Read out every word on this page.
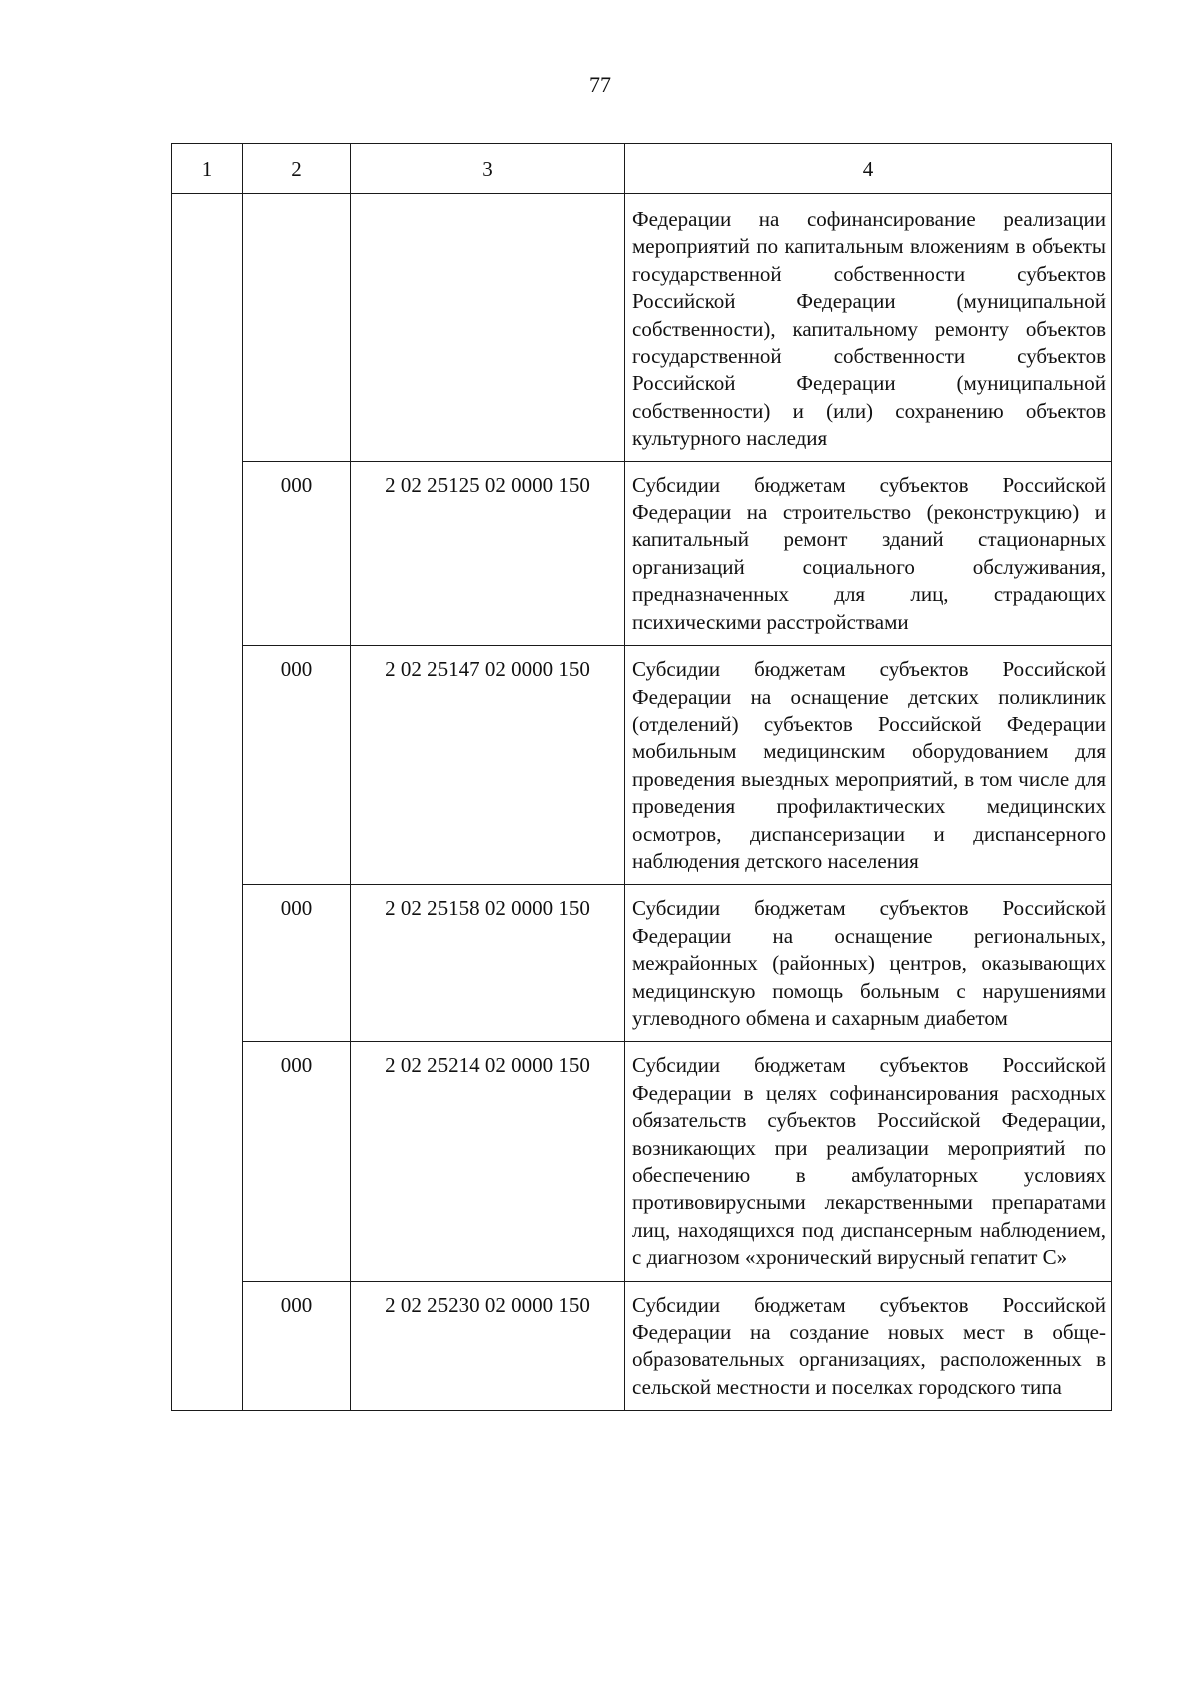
77
1	2	3	4

			Федерации на софинансирование реализации мероприятий по капитальным вложениям в объекты государственной собственности субъектов Российской Федерации (муниципальной собственности), капитальному ремонту объектов государственной собственности субъектов Российской Федерации (муниципальной собственности) и (или) сохранению объектов культурного наследия

	000	2 02 25125 02 0000 150	Субсидии бюджетам субъектов Российской Федерации на строительство (реконструкцию) и капитальный ремонт зданий стационарных организаций социального обслуживания, предназначенных для лиц, страдающих психическими расстройствами

	000	2 02 25147 02 0000 150	Субсидии бюджетам субъектов Российской Федерации на оснащение детских поликлиник (отделений) субъектов Российской Федерации мобильным медицинским оборудованием для проведения выездных мероприятий, в том числе для проведения профилактических медицинских осмотров, диспансеризации и диспансерного наблюдения детского населения

	000	2 02 25158 02 0000 150	Субсидии бюджетам субъектов Российской Федерации на оснащение региональных, межрайонных (районных) центров, оказывающих медицинскую помощь больным с нарушениями углеводного обмена и сахарным диабетом

	000	2 02 25214 02 0000 150	Субсидии бюджетам субъектов Российской Федерации в целях софинансирования расходных обязательств субъектов Российской Федерации, возникающих при реализации мероприятий по обеспечению в амбулаторных условиях противовирусными лекарственными препаратами лиц, находящихся под диспансерным наблюдением, с диагнозом «хронический вирусный гепатит С»

	000	2 02 25230 02 0000 150	Субсидии бюджетам субъектов Российской Федерации на создание новых мест в общеобразовательных организациях, расположенных в сельской местности и поселках городского типа
